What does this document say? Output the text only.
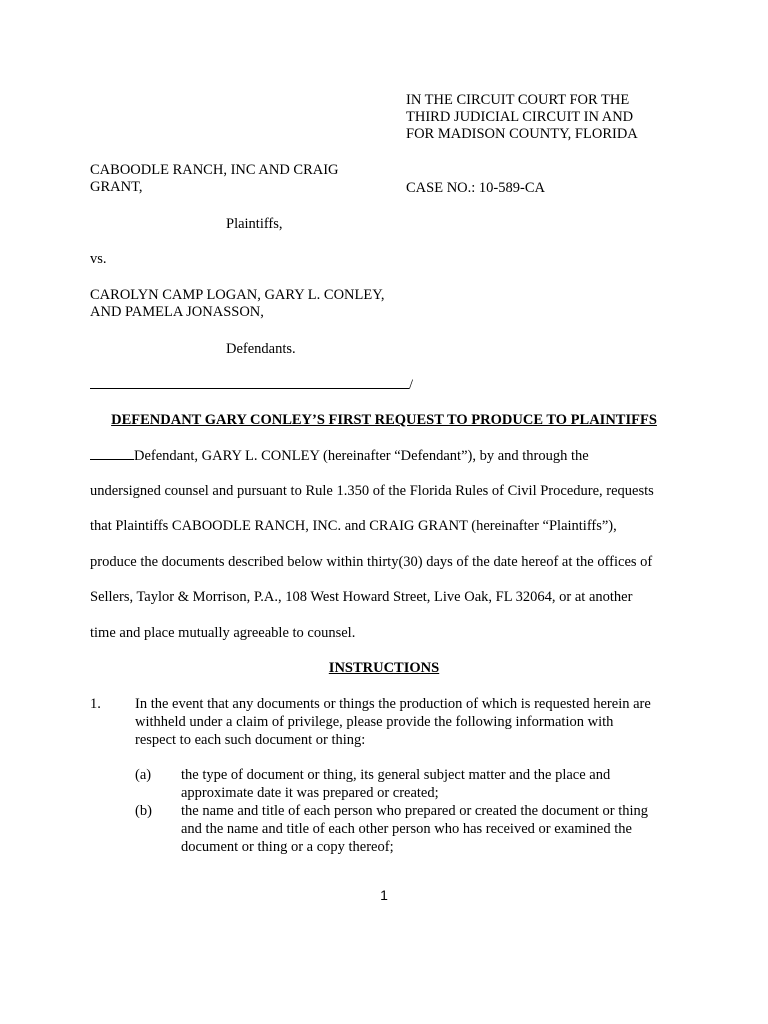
IN THE CIRCUIT COURT FOR THE
THIRD JUDICIAL CIRCUIT IN AND
FOR MADISON COUNTY, FLORIDA
CABOODLE RANCH, INC AND CRAIG
GRANT,	CASE NO.: 10-589-CA
Plaintiffs,
vs.
CAROLYN CAMP LOGAN, GARY L. CONLEY,
AND PAMELA JONASSON,
Defendants.
/
DEFENDANT GARY CONLEY’S FIRST REQUEST TO PRODUCE TO PLAINTIFFS
Defendant, GARY L. CONLEY (hereinafter “Defendant”), by and through the
undersigned counsel and pursuant to Rule 1.350 of the Florida Rules of Civil Procedure, requests
that Plaintiffs CABOODLE RANCH, INC. and CRAIG GRANT (hereinafter “Plaintiffs”),
produce the documents described below within thirty(30) days of the date hereof at the offices of
Sellers, Taylor & Morrison, P.A., 108 West Howard Street, Live Oak, FL 32064, or at another
time and place mutually agreeable to counsel.
INSTRUCTIONS
1. In the event that any documents or things the production of which is requested herein are
withheld under a claim of privilege, please provide the following information with
respect to each such document or thing:
(a) the type of document or thing, its general subject matter and the place and
approximate date it was prepared or created;
(b) the name and title of each person who prepared or created the document or thing
and the name and title of each other person who has received or examined the
document or thing or a copy thereof;
1
